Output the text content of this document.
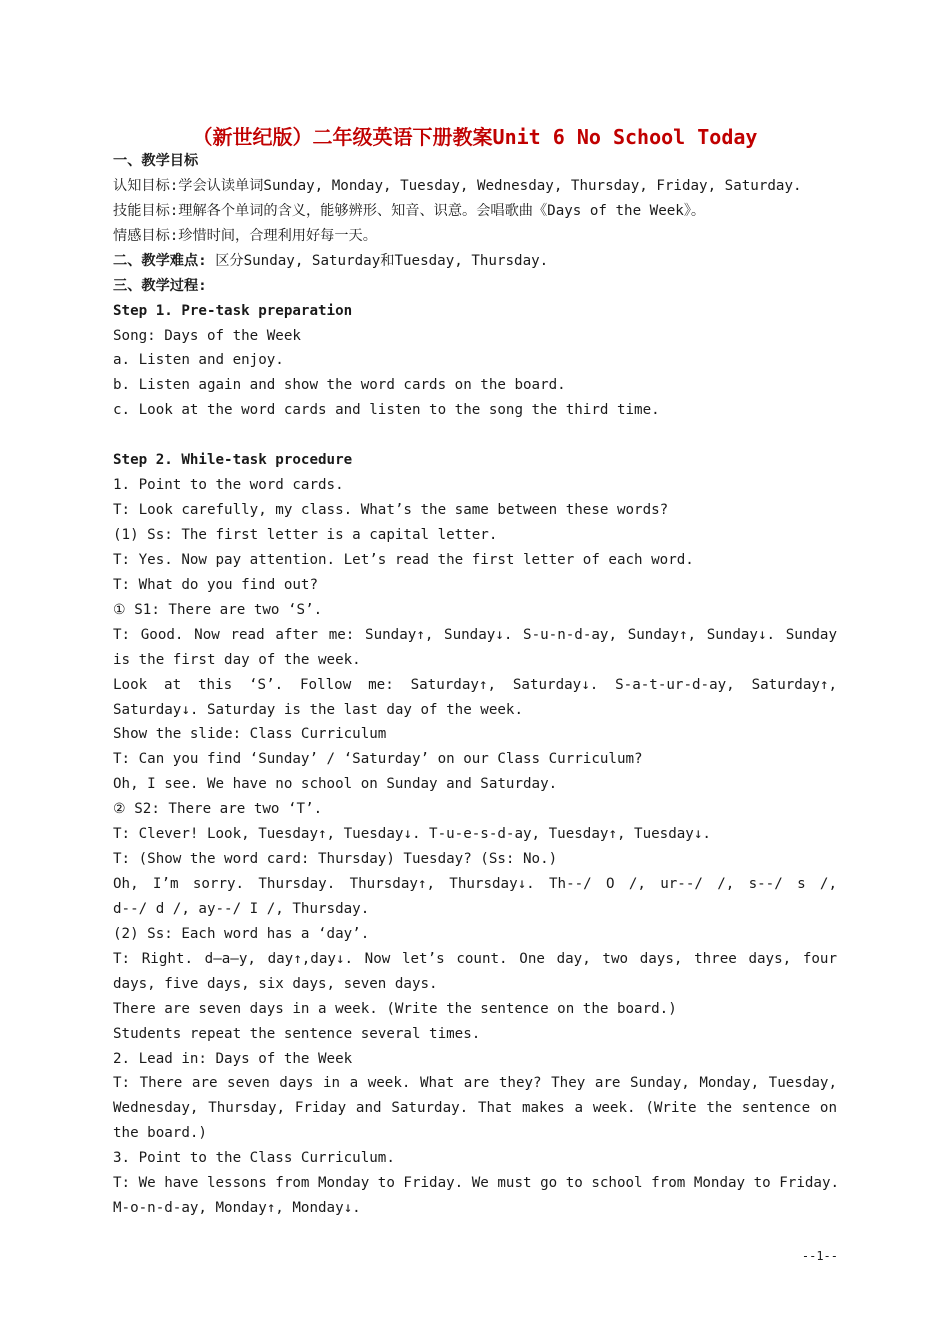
（新世纪版）二年级英语下册教案Unit 6 No School Today
一、教学目标
认知目标:学会认读单词Sunday, Monday, Tuesday, Wednesday, Thursday, Friday, Saturday.
技能目标:理解各个单词的含义，能够辨形、知音、识意。会唱歌曲《Days of the Week》。
情感目标:珍惜时间，合理利用好每一天。
二、教学难点: 区分Sunday, Saturday和Tuesday, Thursday.
三、教学过程:
Step 1. Pre-task preparation
Song: Days of the Week
a. Listen and enjoy.
b. Listen again and show the word cards on the board.
c. Look at the word cards and listen to the song the third time.

Step 2. While-task procedure
1. Point to the word cards.
T: Look carefully, my class. What’s the same between these words?
(1) Ss: The first letter is a capital letter.
T: Yes. Now pay attention. Let’s read the first letter of each word.
T: What do you find out?
① S1: There are two ‘S’.
T: Good. Now read after me: Sunday↑, Sunday↓. S-u-n-d-ay, Sunday↑, Sunday↓. Sunday
is the first day of the week.
Look at this ‘S’. Follow me: Saturday↑, Saturday↓. S-a-t-ur-d-ay, Saturday↑,
Saturday↓. Saturday is the last day of the week.
Show the slide: Class Curriculum
T: Can you find ‘Sunday’ / ‘Saturday’ on our Class Curriculum?
Oh, I see. We have no school on Sunday and Saturday.
② S2: There are two ‘T’.
T: Clever! Look, Tuesday↑, Tuesday↓. T-u-e-s-d-ay, Tuesday↑, Tuesday↓.
T: (Show the word card: Thursday) Tuesday? (Ss: No.)
Oh, I’m sorry. Thursday. Thursday↑, Thursday↓. Th--/ O /, ur--/ /, s--/ s /,
d--/ d /, ay--/ I /, Thursday.
(2) Ss: Each word has a ‘day’.
T: Right. d—a—y, day↑,day↓. Now let’s count. One day, two days, three days, four
days, five days, six days, seven days.
There are seven days in a week. (Write the sentence on the board.)
Students repeat the sentence several times.
2. Lead in: Days of the Week
T: There are seven days in a week. What are they? They are Sunday, Monday, Tuesday,
Wednesday, Thursday, Friday and Saturday. That makes a week. (Write the sentence on
the board.)
3. Point to the Class Curriculum.
T: We have lessons from Monday to Friday. We must go to school from Monday to Friday.
M-o-n-d-ay, Monday↑, Monday↓.
--1--
